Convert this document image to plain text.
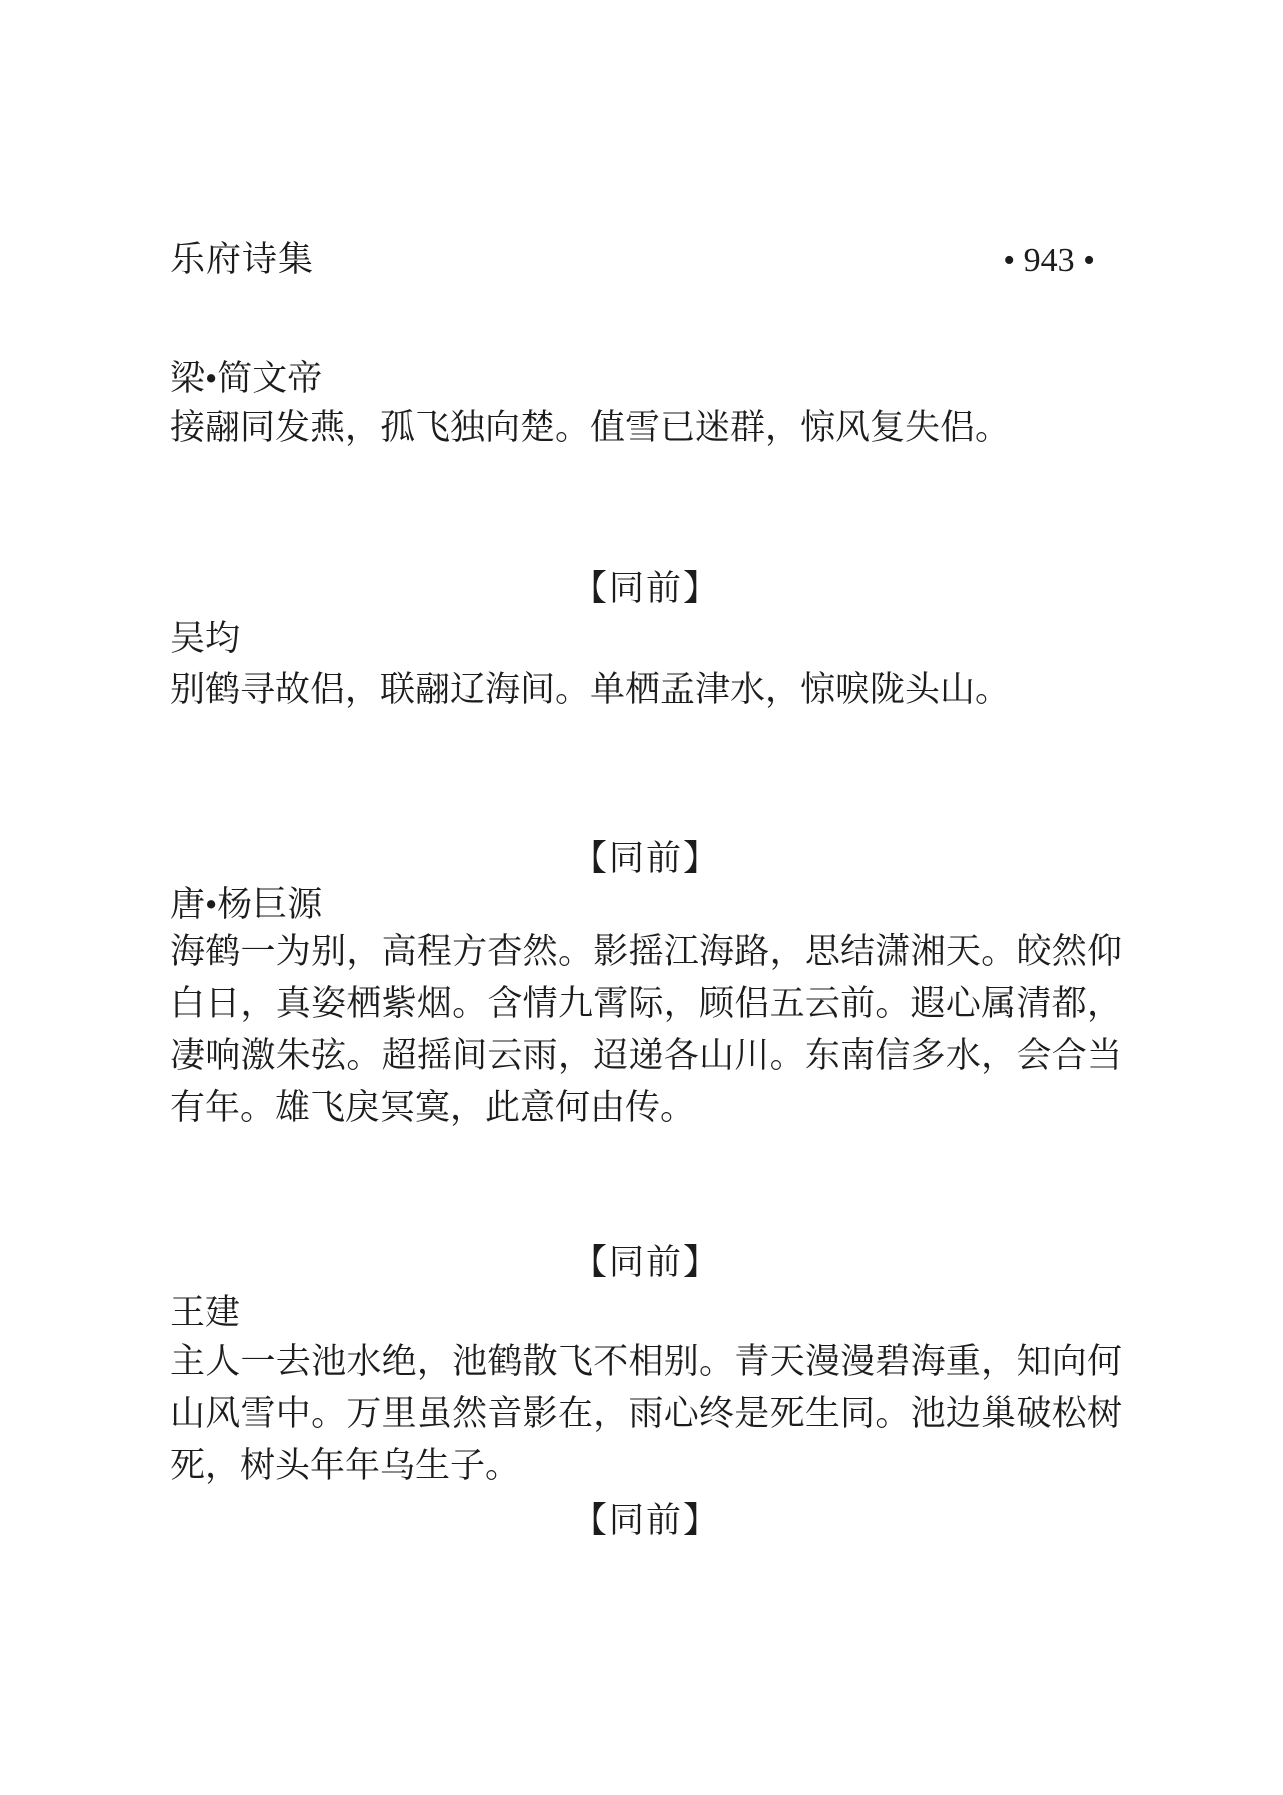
乐府诗集	• 943 •
梁•简文帝
接翮同发燕，孤飞独向楚。值雪已迷群，惊风复失侣。
【同前】
吴均
别鹤寻故侣，联翮辽海间。单栖孟津水，惊唳陇头山。
【同前】
唐•杨巨源
海鹤一为别，高程方杳然。影摇江海路，思结潇湘天。皎然仰白日，真姿栖紫烟。含情九霄际，顾侣五云前。遐心属清都，凄响激朱弦。超摇间云雨，迢递各山川。东南信多水，会合当有年。雄飞戾冥寞，此意何由传。
【同前】
王建
主人一去池水绝，池鹤散飞不相别。青天漫漫碧海重，知向何山风雪中。万里虽然音影在，雨心终是死生同。池边巢破松树死，树头年年乌生子。
【同前】
